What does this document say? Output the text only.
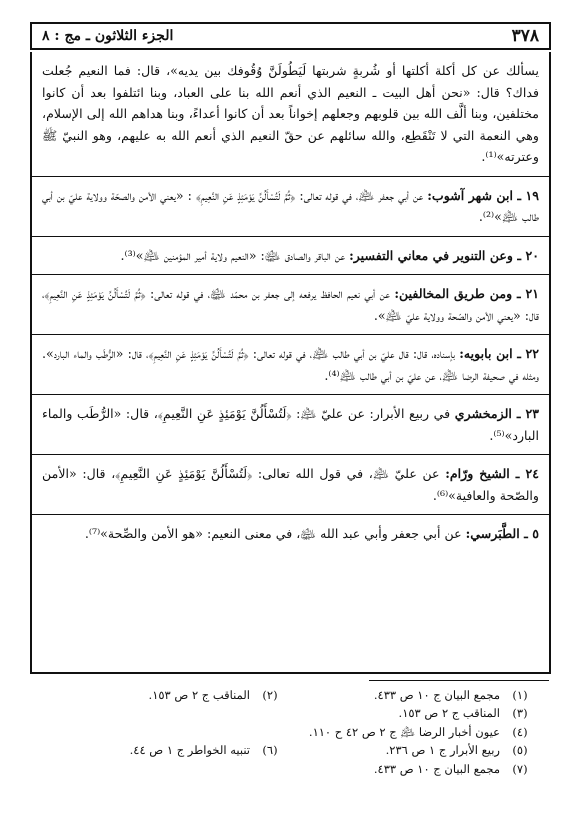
٣٧٨
الجزء الثلاثون ـ مج : ٨
يسألك عن كل أكلة أكلتها أو شُربةٍ شربتها لَيَطُولَنَّ وُقُوفك بين يديه»، قال: فما النعيم جُعلت فداك؟ قال: «نحن أهل البيت ـ النعيم الذي أنعم الله بنا على العباد، وبنا ائتلفوا بعد أن كانوا مختلفين، وبنا ألَّف الله بين قلوبهم وجعلهم إخواناً بعد أن كانوا أعداءً، وبنا هداهم الله إلى الإسلام، وهي النعمة التي لا تَنْقَطِع، والله سائلهم عن حقّ النعيم الذي أنعم الله به عليهم، وهو النبيّ ﷺ وعترته»⁽¹⁾.
١٩ ـ ابن شهر آشوب: عن أبي جعفر ﵇، في قوله تعالى: ﴿ثُمَّ لَتُسْأَلُنَّ يَوْمَئِذٍ عَنِ النَّعِيمِ﴾ : «يعني الأمن والصحّة وولاية عليّ بن أبي طالب ﵇»⁽²⁾.
٢٠ ـ وعن التنوير في معاني التفسير: عن الباقر والصادق ﵉: «النعيم ولاية أمير المؤمنين ﵇»⁽³⁾.
٢١ ـ ومن طريق المخالفين: عن أبي نعيم الحافظ يرفعه إلى جعفر بن محمّد ﵉، في قوله تعالى: ﴿ثُمَّ لَتُسْأَلُنَّ يَوْمَئِذٍ عَنِ النَّعِيمِ﴾، قال: «يعني الأمن والصّحة وولاية عليّ ﵇».
٢٢ ـ ابن بابويه: بإسناده، قال: قال عليّ بن أبي طالب ﵇، في قوله تعالى: ﴿ثُمَّ لَتُسْأَلُنَّ يَوْمَئِذٍ عَنِ النَّعِيمِ﴾، قال: «الرُّطَب والماء البارد». ومثله في صحيفة الرضا ﵇، عن عليّ بن أبي طالب ﵇⁽⁴⁾.
٢٣ ـ الزمخشري في ربيع الأبرار: عن عليّ ﵇: ﴿لَتُسْأَلُنَّ يَوْمَئِذٍ عَنِ النَّعِيمِ﴾، قال: «الرُّطَب والماء البارد»⁽⁵⁾.
٢٤ ـ الشيخ ورّام: عن عليّ ﵇، في قول الله تعالى: ﴿لَتُسْأَلُنَّ يَوْمَئِذٍ عَنِ النَّعِيمِ﴾، قال: «الأمن والصّحة والعافية»⁽⁶⁾.
٥ ـ الطَّبَرسي: عن أبي جعفر وأبي عبد الله ﵉، في معنى النعيم: «هو الأمن والصِّحة»⁽⁷⁾.
(١)
مجمع البيان ج ١٠ ص ٤٣٣.
(٢)
المناقب ج ٢ ص ١٥٣.
(٣)
المناقب ج ٢ ص ١٥٣.
(٤)
عيون أخبار الرضا ﵇ ج ٢ ص ٤٢ ح ١١٠.
(٥)
ربيع الأبرار ج ١ ص ٢٣٦.
(٦)
تنبيه الخواطر ج ١ ص ٤٤.
(٧)
مجمع البيان ج ١٠ ص ٤٣٣.
